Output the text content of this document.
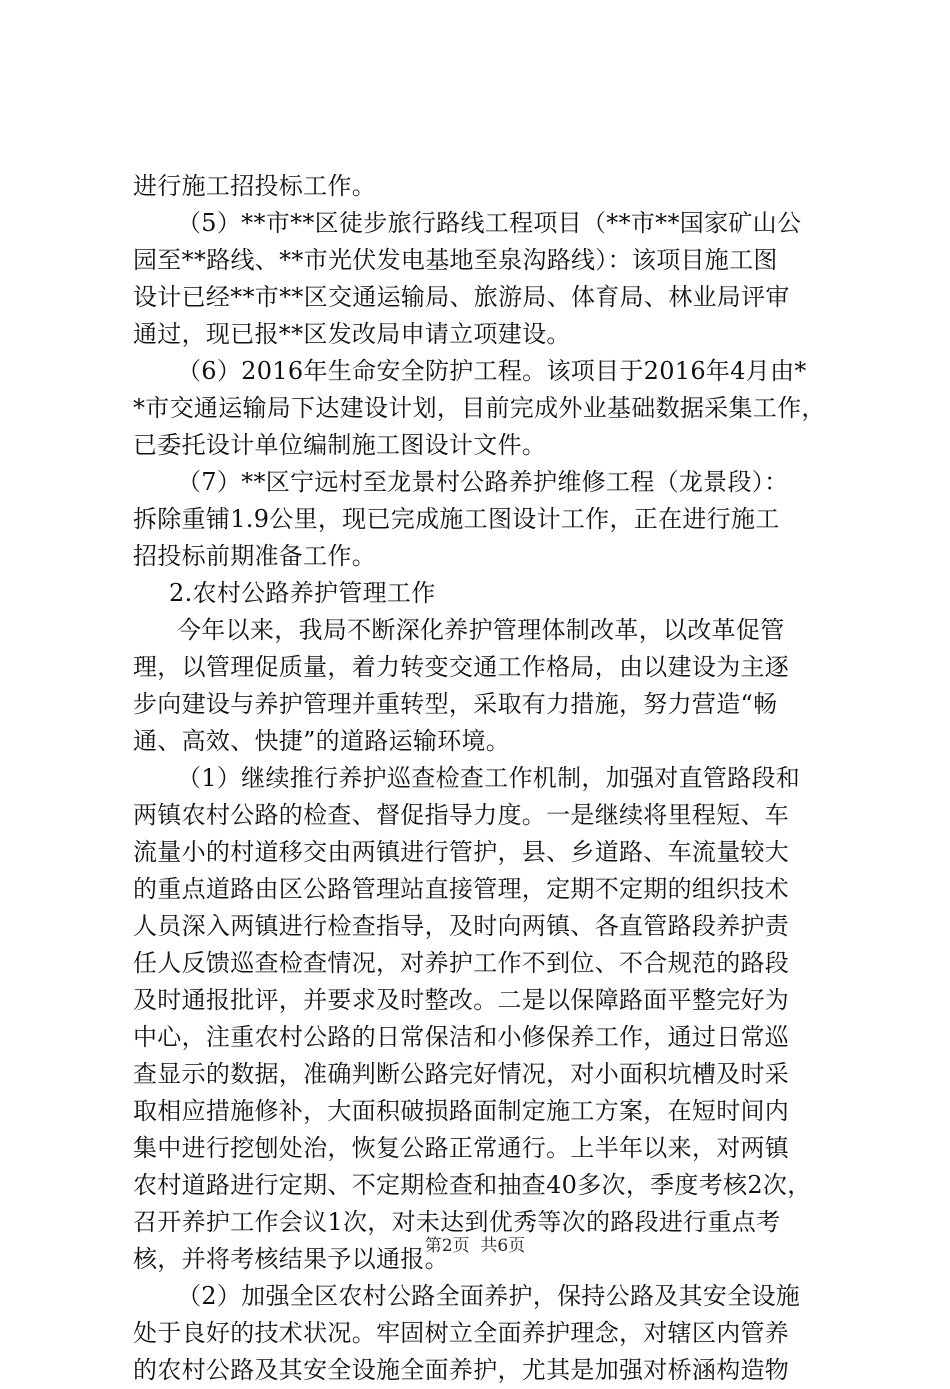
进行施工招投标工作。
（5）**市**区徒步旅行路线工程项目（**市**国家矿山公
园至**路线、**市光伏发电基地至泉沟路线）：该项目施工图
设计已经**市**区交通运输局、旅游局、体育局、林业局评审
通过，现已报**区发改局申请立项建设。
（6）2016年生命安全防护工程。该项目于2016年4月由*
*市交通运输局下达建设计划，目前完成外业基础数据采集工作，
已委托设计单位编制施工图设计文件。
（7）**区宁远村至龙景村公路养护维修工程（龙景段）：
拆除重铺1.9公里，现已完成施工图设计工作，正在进行施工
招投标前期准备工作。
2.农村公路养护管理工作
今年以来，我局不断深化养护管理体制改革，以改革促管
理，以管理促质量，着力转变交通工作格局，由以建设为主逐
步向建设与养护管理并重转型，采取有力措施，努力营造“畅
通、高效、快捷”的道路运输环境。
（1）继续推行养护巡查检查工作机制，加强对直管路段和
两镇农村公路的检查、督促指导力度。一是继续将里程短、车
流量小的村道移交由两镇进行管护，县、乡道路、车流量较大
的重点道路由区公路管理站直接管理，定期不定期的组织技术
人员深入两镇进行检查指导，及时向两镇、各直管路段养护责
任人反馈巡查检查情况，对养护工作不到位、不合规范的路段
及时通报批评，并要求及时整改。二是以保障路面平整完好为
中心，注重农村公路的日常保洁和小修保养工作，通过日常巡
查显示的数据，准确判断公路完好情况，对小面积坑槽及时采
取相应措施修补，大面积破损路面制定施工方案，在短时间内
集中进行挖刨处治，恢复公路正常通行。上半年以来，对两镇
农村道路进行定期、不定期检查和抽查40多次，季度考核2次，
召开养护工作会议1次，对未达到优秀等次的路段进行重点考
核，并将考核结果予以通报。
（2）加强全区农村公路全面养护，保持公路及其安全设施
处于良好的技术状况。牢固树立全面养护理念，对辖区内管养
的农村公路及其安全设施全面养护，尤其是加强对桥涵构造物
第2页  共6页
